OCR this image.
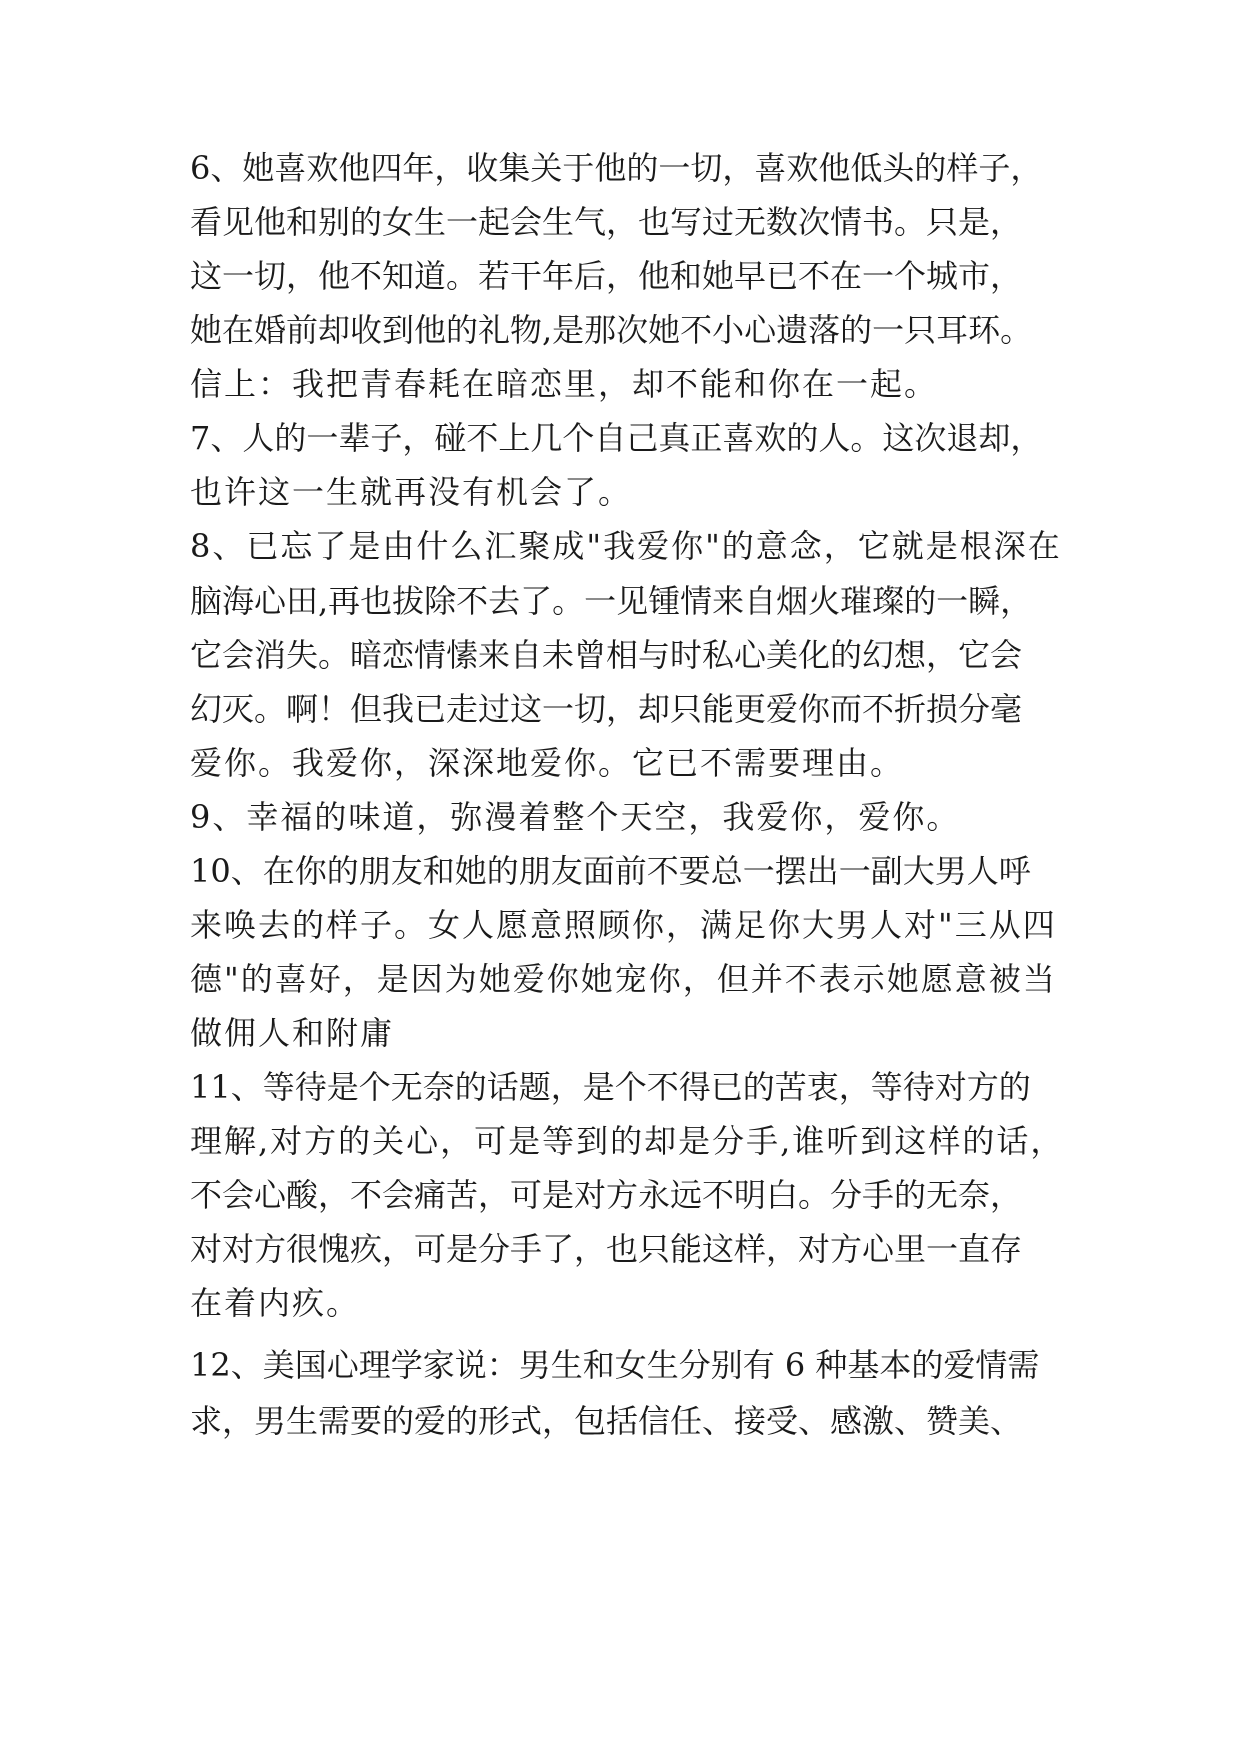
6、她喜欢他四年，收集关于他的一切，喜欢他低头的样子，
看见他和别的女生一起会生气，也写过无数次情书。只是，
这一切，他不知道。若干年后，他和她早已不在一个城市，
她在婚前却收到他的礼物,是那次她不小心遗落的一只耳环。
信上：我把青春耗在暗恋里，却不能和你在一起。
7、人的一辈子，碰不上几个自己真正喜欢的人。这次退却，
也许这一生就再没有机会了。
8、已忘了是由什么汇聚成"我爱你"的意念，它就是根深在
脑海心田,再也拔除不去了。一见锺情来自烟火璀璨的一瞬，
它会消失。暗恋情愫来自未曾相与时私心美化的幻想，它会
幻灭。啊！但我已走过这一切，却只能更爱你而不折损分毫
爱你。我爱你，深深地爱你。它已不需要理由。
9、幸福的味道，弥漫着整个天空，我爱你，爱你。
10、在你的朋友和她的朋友面前不要总一摆出一副大男人呼
来唤去的样子。女人愿意照顾你，满足你大男人对"三从四
德"的喜好，是因为她爱你她宠你，但并不表示她愿意被当
做佣人和附庸
11、等待是个无奈的话题，是个不得已的苦衷，等待对方的
理解,对方的关心，可是等到的却是分手,谁听到这样的话，
不会心酸，不会痛苦，可是对方永远不明白。分手的无奈，
对对方很愧疚，可是分手了，也只能这样，对方心里一直存
在着内疚。
12、美国心理学家说：男生和女生分别有 6 种基本的爱情需
求，男生需要的爱的形式，包括信任、接受、感激、赞美、
